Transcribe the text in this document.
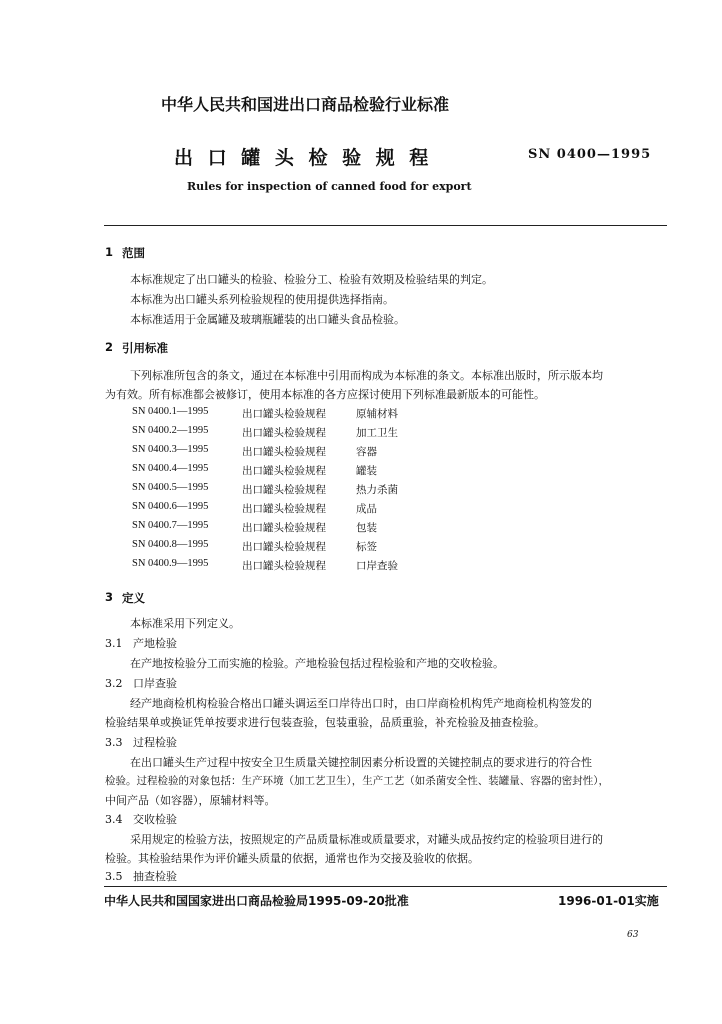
中华人民共和国进出口商品检验行业标准
出 口 罐 头 检 验 规 程	SN 0400—1995
Rules for inspection of canned food for export
1 范围
本标准规定了出口罐头的检验、检验分工、检验有效期及检验结果的判定。
本标准为出口罐头系列检验规程的使用提供选择指南。
本标准适用于金属罐及玻璃瓶罐装的出口罐头食品检验。
2 引用标准
下列标准所包含的条文，通过在本标准中引用而构成为本标准的条文。本标准出版时，所示版本均
为有效。所有标准都会被修订，使用本标准的各方应探讨使用下列标准最新版本的可能性。
SN 0400.1—1995	出口罐头检验规程	原辅材料
SN 0400.2—1995	出口罐头检验规程	加工卫生
SN 0400.3—1995	出口罐头检验规程	容器
SN 0400.4—1995	出口罐头检验规程	罐装
SN 0400.5—1995	出口罐头检验规程	热力杀菌
SN 0400.6—1995	出口罐头检验规程	成品
SN 0400.7—1995	出口罐头检验规程	包装
SN 0400.8—1995	出口罐头检验规程	标签
SN 0400.9—1995	出口罐头检验规程	口岸查验
3 定义
本标准采用下列定义。
3.1 产地检验
在产地按检验分工而实施的检验。产地检验包括过程检验和产地的交收检验。
3.2 口岸查验
经产地商检机构检验合格出口罐头调运至口岸待出口时，由口岸商检机构凭产地商检机构签发的
检验结果单或换证凭单按要求进行包装查验，包装重验，品质重验，补充检验及抽查检验。
3.3 过程检验
在出口罐头生产过程中按安全卫生质量关键控制因素分析设置的关键控制点的要求进行的符合性
检验。过程检验的对象包括：生产环境（加工艺卫生），生产工艺（如杀菌安全性、装罐量、容器的密封性），
中间产品（如容器），原辅材料等。
3.4 交收检验
采用规定的检验方法，按照规定的产品质量标准或质量要求，对罐头成品按约定的检验项目进行的
检验。其检验结果作为评价罐头质量的依据，通常也作为交接及验收的依据。
3.5 抽查检验
中华人民共和国国家进出口商品检验局1995-09-20批准	1996-01-01实施
63
